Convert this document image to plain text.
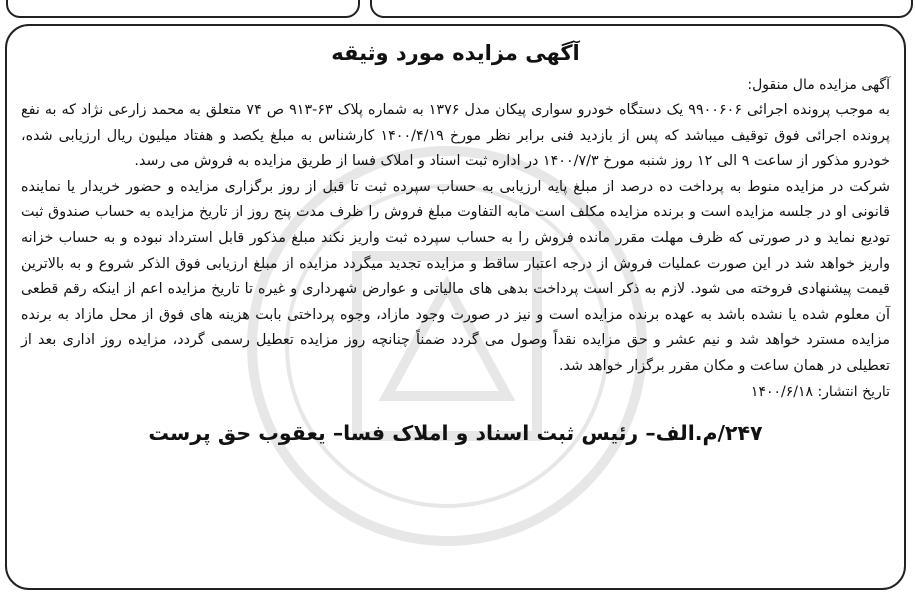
آگهی مزایده مورد وثیقه

آگهی مزایده مال منقول:

به موجب پرونده اجرائی ۹۹۰۰۶۰۶ یک دستگاه خودرو سواری پیکان مدل ۱۳۷۶ به شماره پلاک ۶۳-۹۱۳ ص ۷۴ متعلق به محمد زارعی نژاد که به نفع پرونده اجرائی فوق توقیف میباشد که پس از بازدید فنی برابر نظر مورخ ۱۴۰۰/۴/۱۹ کارشناس به مبلغ یکصد و هفتاد میلیون ریال ارزیابی شده، خودرو مذکور از ساعت ۹ الی ۱۲ روز شنبه مورخ ۱۴۰۰/۷/۳ در اداره ثبت اسناد و املاک فسا از طریق مزایده به فروش می رسد.

شرکت در مزایده منوط به پرداخت ده درصد از مبلغ پایه ارزیابی به حساب سپرده ثبت تا قبل از روز برگزاری مزایده و حضور خریدار یا نماینده قانونی او در جلسه مزایده است و برنده مزایده مکلف است مابه التفاوت مبلغ فروش را ظرف مدت پنج روز از تاریخ مزایده به حساب صندوق ثبت تودیع نماید و در صورتی که ظرف مهلت مقرر مانده فروش را به حساب سپرده ثبت واریز نکند مبلغ مذکور قابل استرداد نبوده و به حساب خزانه واریز خواهد شد در این صورت عملیات فروش از درجه اعتبار ساقط و مزایده تجدید میگردد مزایده از مبلغ ارزیابی فوق الذکر شروع و به بالاترین قیمت پیشنهادی فروخته می شود. لازم به ذکر است پرداخت بدهی های مالیاتی و عوارض شهرداری و غیره تا تاریخ مزایده اعم از اینکه رقم قطعی آن معلوم شده یا نشده باشد به عهده برنده مزایده است و نیز در صورت وجود مازاد، وجوه پرداختی بابت هزینه های فوق از محل مازاد به برنده مزایده مسترد خواهد شد و نیم عشر و حق مزایده نقداً وصول می گردد ضمناً چنانچه روز مزایده تعطیل رسمی گردد، مزایده روز اداری بعد از تعطیلی در همان ساعت و مکان مقرر برگزار خواهد شد.

تاریخ انتشار: ۱۴۰۰/۶/۱۸

۲۴۷/م.الف– رئیس ثبت اسناد و املاک فسا– یعقوب حق پرست
